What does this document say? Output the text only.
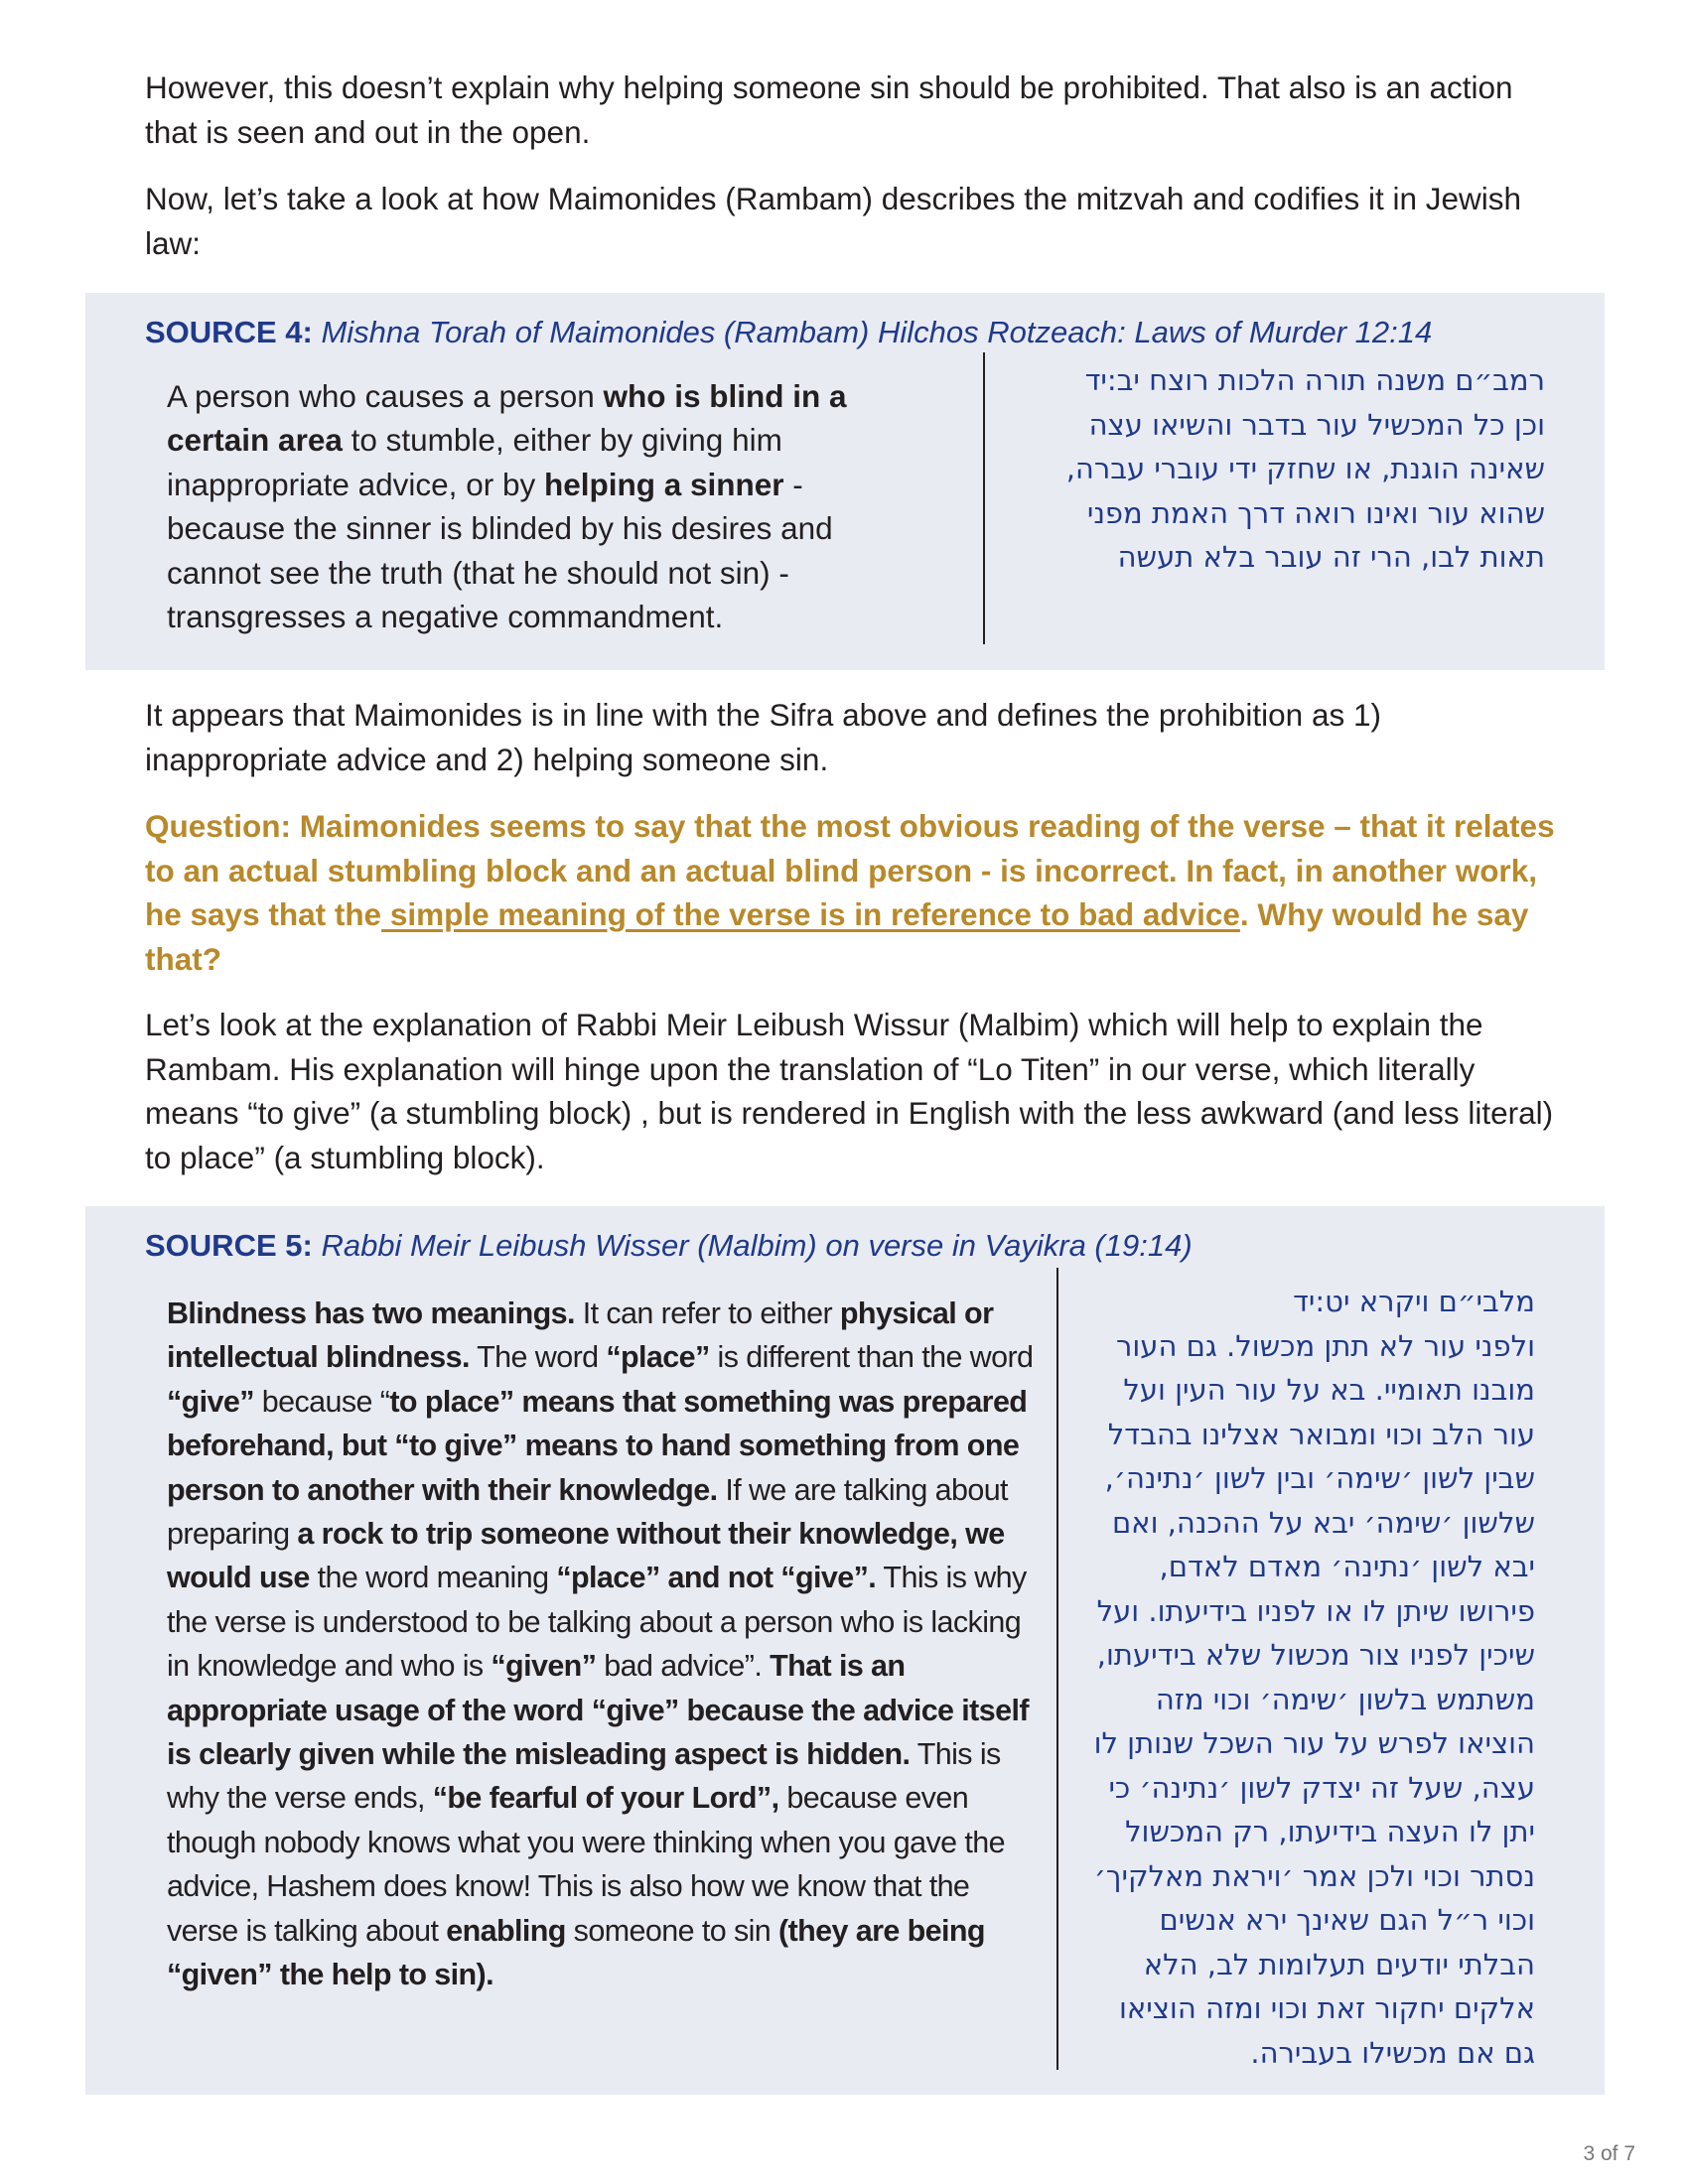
However, this doesn’t explain why helping someone sin should be prohibited. That also is an action that is seen and out in the open.

Now, let’s take a look at how Maimonides (Rambam) describes the mitzvah and codifies it in Jewish law:

SOURCE 4: Mishna Torah of Maimonides (Rambam) Hilchos Rotzeach: Laws of Murder 12:14

A person who causes a person who is blind in a certain area to stumble, either by giving him inappropriate advice, or by helping a sinner - because the sinner is blinded by his desires and cannot see the truth (that he should not sin) - transgresses a negative commandment.

רמב״ם משנה תורה הלכות רוצח יב:יד
וכן כל המכשיל עור בדבר והשיאו עצה
שאינה הוגנת, או שחזק ידי עוברי עברה,
שהוא עור ואינו רואה דרך האמת מפני
תאות לבו, הרי זה עובר בלא תעשה

It appears that Maimonides is in line with the Sifra above and defines the prohibition as 1) inappropriate advice and 2) helping someone sin.

Question: Maimonides seems to say that the most obvious reading of the verse – that it relates to an actual stumbling block and an actual blind person - is incorrect. In fact, in another work, he says that the simple meaning of the verse is in reference to bad advice. Why would he say that?

Let’s look at the explanation of Rabbi Meir Leibush Wissur (Malbim) which will help to explain the Rambam. His explanation will hinge upon the translation of “Lo Titen” in our verse, which literally means “to give” (a stumbling block) , but is rendered in English with the less awkward (and less literal) to place” (a stumbling block).

SOURCE 5: Rabbi Meir Leibush Wisser (Malbim) on verse in Vayikra (19:14)

Blindness has two meanings. It can refer to either physical or intellectual blindness. The word “place” is different than the word “give” because “to place” means that something was prepared beforehand, but “to give” means to hand something from one person to another with their knowledge. If we are talking about preparing a rock to trip someone without their knowledge, we would use the word meaning “place” and not “give”. This is why the verse is understood to be talking about a person who is lacking in knowledge and who is “given” bad advice”. That is an appropriate usage of the word “give” because the advice itself is clearly given while the misleading aspect is hidden. This is why the verse ends, “be fearful of your Lord”, because even though nobody knows what you were thinking when you gave the advice, Hashem does know! This is also how we know that the verse is talking about enabling someone to sin (they are being “given” the help to sin).

מלבי״ם ויקרא יט:יד
ולפני עור לא תתן מכשול. גם העור
מובנו תאומיי. בא על עור העין ועל
עור הלב וכוי ומבואר אצלינו בהבדל
שבין לשון ׳שימה׳ ובין לשון ׳נתינה׳,
שלשון ׳שימה׳ יבא על ההכנה, ואם
יבא לשון ׳נתינה׳ מאדם לאדם,
פירושו שיתן לו או לפניו בידיעתו. ועל
שיכין לפניו צור מכשול שלא בידיעתו,
משתמש בלשון ׳שימה׳ וכוי מזה
הוציאו לפרש על עור השכל שנותן לו
עצה, שעל זה יצדק לשון ׳נתינה׳ כי
יתן לו העצה בידיעתו, רק המכשול
נסתר וכוי ולכן אמר ׳ויראת מאלקיך׳
וכוי ר״ל הגם שאינך ירא אנשים
הבלתי יודעים תעלומות לב, הלא
אלקים יחקור זאת וכוי ומזה הוציאו
גם אם מכשילו בעבירה.
3 of 7
